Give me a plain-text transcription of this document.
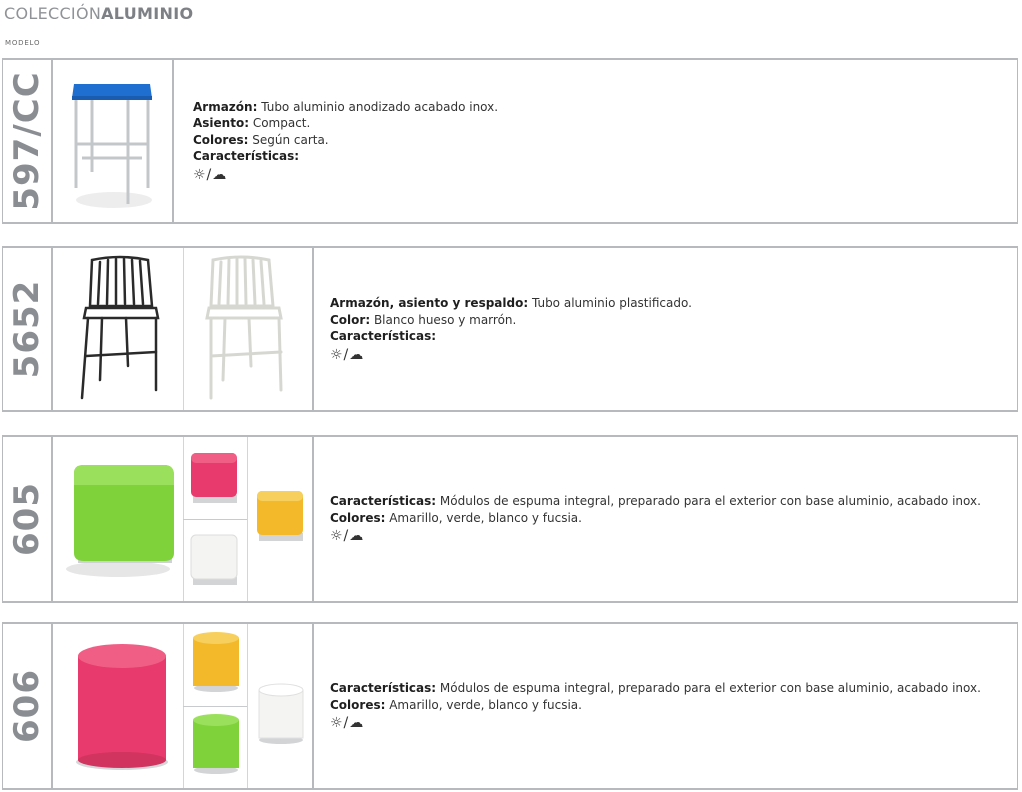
COLECCIÓNALUMINIO
MODELO
597/CC	Armazón: Tubo aluminio anodizado acabado inox.
Asiento: Compact.
Colores: Según carta.
Características:
☼/☁
5652	Armazón, asiento y respaldo: Tubo aluminio plastificado.
Color: Blanco hueso y marrón.
Características:
☼/☁
605	Características: Módulos de espuma integral, preparado para el exterior con base aluminio, acabado inox.
Colores: Amarillo, verde, blanco y fucsia.
☼/☁
606	Características: Módulos de espuma integral, preparado para el exterior con base aluminio, acabado inox.
Colores: Amarillo, verde, blanco y fucsia.
☼/☁
